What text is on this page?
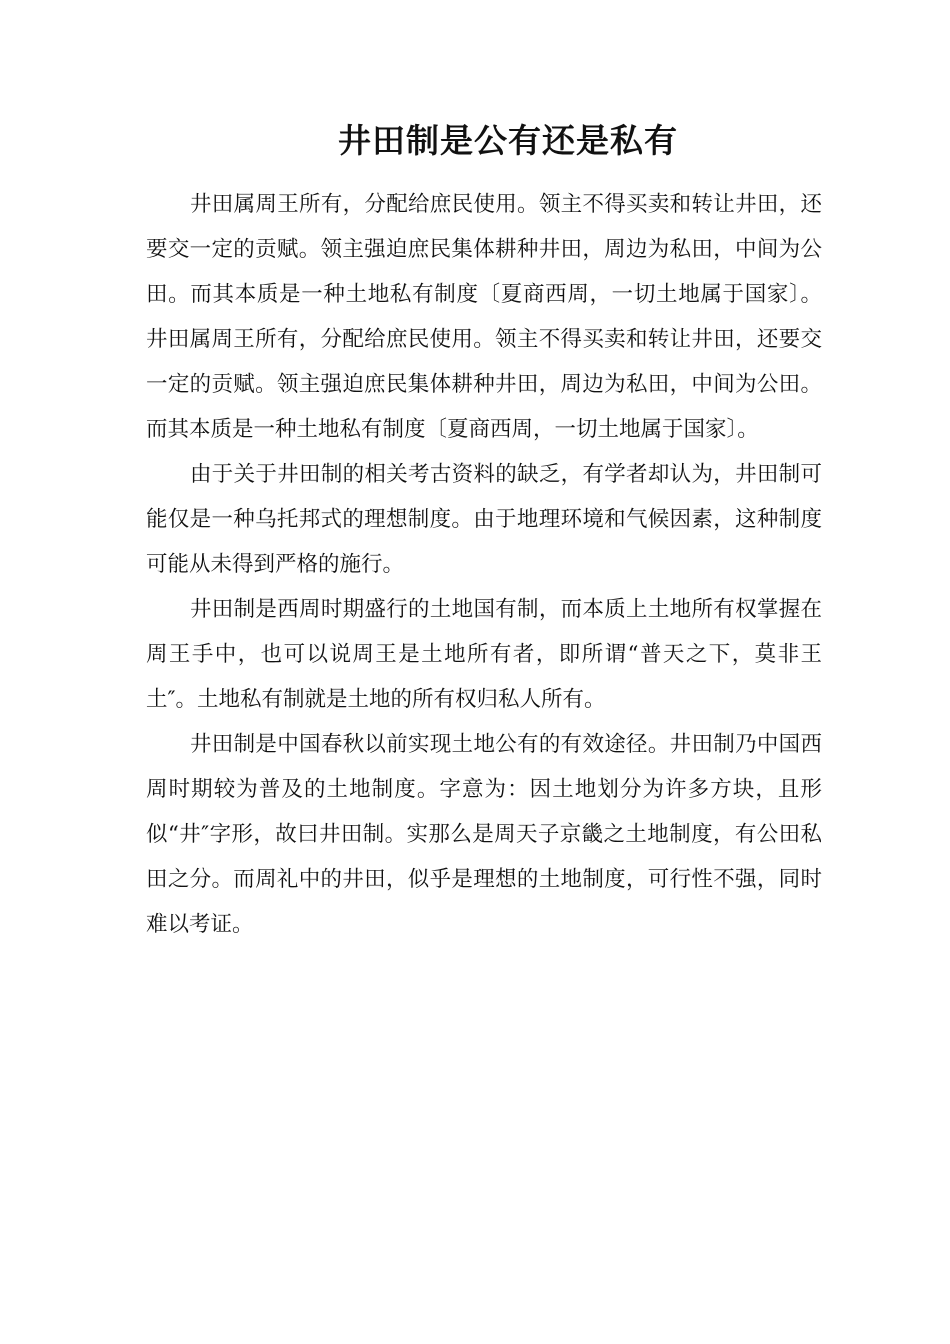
井田制是公有还是私有

井田属周王所有，分配给庶民使用。领主不得买卖和转让井田，还要交一定的贡赋。领主强迫庶民集体耕种井田，周边为私田，中间为公田。而其本质是一种土地私有制度〔夏商西周，一切土地属于国家〕。井田属周王所有，分配给庶民使用。领主不得买卖和转让井田，还要交一定的贡赋。领主强迫庶民集体耕种井田，周边为私田，中间为公田。而其本质是一种土地私有制度〔夏商西周，一切土地属于国家〕。

由于关于井田制的相关考古资料的缺乏，有学者却认为，井田制可能仅是一种乌托邦式的理想制度。由于地理环境和气候因素，这种制度可能从未得到严格的施行。

井田制是西周时期盛行的土地国有制，而本质上土地所有权掌握在周王手中，也可以说周王是土地所有者，即所谓“普天之下，莫非王土″。土地私有制就是土地的所有权归私人所有。

井田制是中国春秋以前实现土地公有的有效途径。井田制乃中国西周时期较为普及的土地制度。字意为：因土地划分为许多方块，且形似“井″字形，故曰井田制。实那么是周天子京畿之土地制度，有公田私田之分。而周礼中的井田，似乎是理想的土地制度，可行性不强，同时难以考证。
